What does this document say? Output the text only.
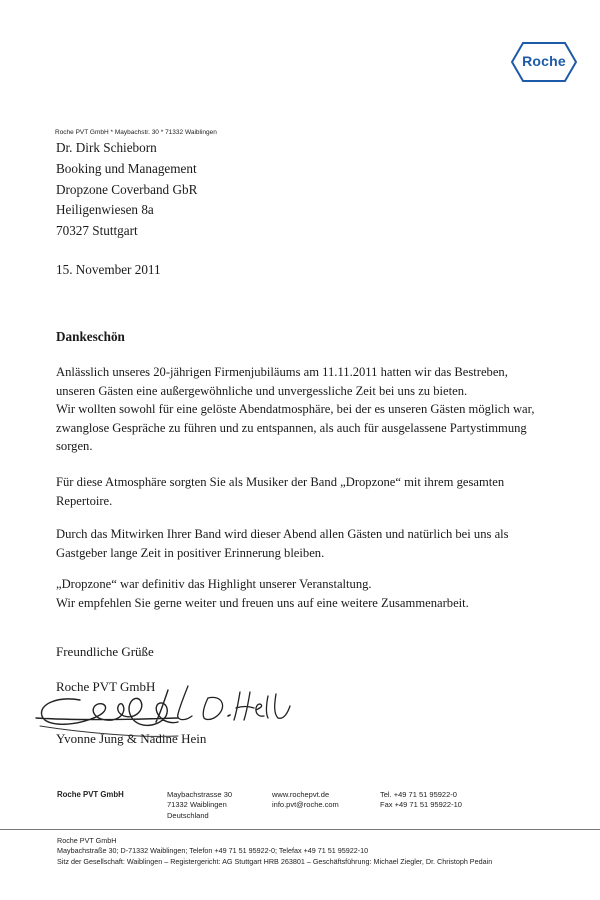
Roche
Roche PVT GmbH * Maybachstr. 30 * 71332 Waiblingen
Dr. Dirk Schieborn
Booking und Management
Dropzone Coverband GbR
Heiligenwiesen 8a
70327 Stuttgart
15. November 2011
Dankeschön
Anlässlich unseres 20-jährigen Firmenjubiläums am 11.11.2011 hatten wir das Bestreben,
unseren Gästen eine außergewöhnliche und unvergessliche Zeit bei uns zu bieten.
Wir wollten sowohl für eine gelöste Abendatmosphäre, bei der es unseren Gästen möglich war,
zwanglose Gespräche zu führen und zu entspannen, als auch für ausgelassene Partystimmung
sorgen.
Für diese Atmosphäre sorgten Sie als Musiker der Band „Dropzone“ mit ihrem gesamten
Repertoire.
Durch das Mitwirken Ihrer Band wird dieser Abend allen Gästen und natürlich bei uns als
Gastgeber lange Zeit in positiver Erinnerung bleiben.
„Dropzone“ war definitiv das Highlight unserer Veranstaltung.
Wir empfehlen Sie gerne weiter und freuen uns auf eine weitere Zusammenarbeit.
Freundliche Grüße
Roche PVT GmbH
Yvonne Jung & Nadine Hein
Roche PVT GmbH	Maybachstrasse 30
71332 Waiblingen
Deutschland
www.rochepvt.de
info.pvt@roche.com
Tel. +49 71 51 95922-0
Fax +49 71 51 95922-10
Roche PVT GmbH
Maybachstraße 30; D-71332 Waiblingen; Telefon +49 71 51 95922-0; Telefax +49 71 51 95922-10
Sitz der Gesellschaft: Waiblingen – Registergericht: AG Stuttgart HRB 263801 – Geschäftsführung: Michael Ziegler, Dr. Christoph Pedain
